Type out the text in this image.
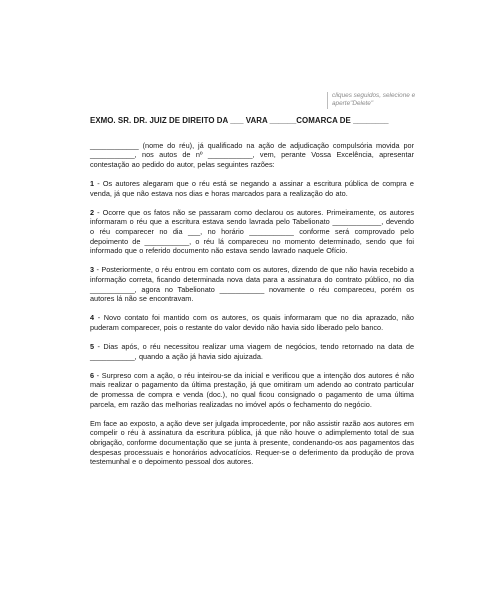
cliques seguidos, selecione e
aperte"Delete"
EXMO. SR. DR. JUIZ DE DIREITO DA ___ VARA ______COMARCA DE ________

____________ (nome do réu), já qualificado na ação de adjudicação compulsória movida por ___________, nos autos de nº ___________, vem, perante Vossa Excelência, apresentar contestação ao pedido do autor, pelas seguintes razões:

1 - Os autores alegaram que o réu está se negando a assinar a escritura pública de compra e venda, já que não estava nos dias e horas marcados para a realização do ato.

2 - Ocorre que os fatos não se passaram como declarou os autores. Primeiramente, os autores informaram o réu que a escritura estava sendo lavrada pelo Tabelionato ____________, devendo o réu comparecer no dia ___, no horário ___________ conforme será comprovado pelo depoimento de ___________, o réu lá compareceu no momento determinado, sendo que foi informado que o referido documento não estava sendo lavrado naquele Ofício.

3 - Posteriormente, o réu entrou em contato com os autores, dizendo de que não havia recebido a informação correta, ficando determinada nova data para a assinatura do contrato público, no dia ___________, agora no Tabelionato ___________ novamente o réu compareceu, porém os autores lá não se encontravam.

4 - Novo contato foi mantido com os autores, os quais informaram que no dia aprazado, não puderam comparecer, pois o restante do valor devido não havia sido liberado pelo banco.

5 - Dias após, o réu necessitou realizar uma viagem de negócios, tendo retornado na data de ___________, quando a ação já havia sido ajuizada.

6 - Surpreso com a ação, o réu inteirou-se da inicial e verificou que a intenção dos autores é não mais realizar o pagamento da última prestação, já que omitiram um adendo ao contrato particular de promessa de compra e venda (doc.), no qual ficou consignado o pagamento de uma última parcela, em razão das melhorias realizadas no imóvel após o fechamento do negócio.

Em face ao exposto, a ação deve ser julgada improcedente, por não assistir razão aos autores em compelir o réu à assinatura da escritura pública, já que não houve o adimplemento total de sua obrigação, conforme documentação que se junta à presente, condenando-os aos pagamentos das despesas processuais e honorários advocatícios. Requer-se o deferimento da produção de prova testemunhal e o depoimento pessoal dos autores.
